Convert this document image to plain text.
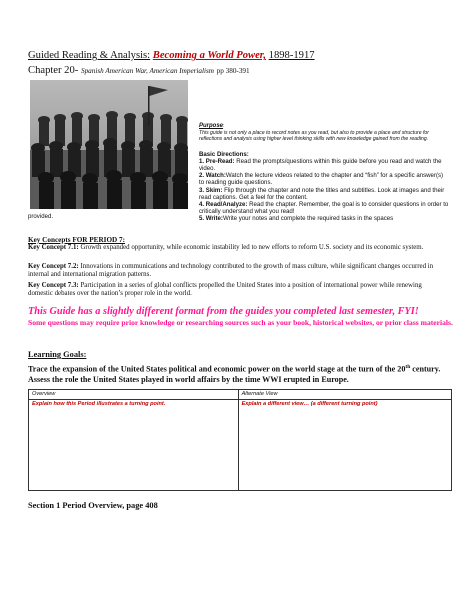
Guided Reading & Analysis: Becoming a World Power, 1898-1917
Chapter 20- Spanish American War, American Imperialism pp 380-391
Purpose:
This guide is not only a place to record notes as you read, but also to provide a place and structure for reflections and analysis using higher level thinking skills with new knowledge gained from the reading.
Basic Directions:
1. Pre-Read: Read the prompts/questions within this guide before you read and watch the video.
2. Watch:Watch the lecture videos related to the chapter and “fish” for a specific answer(s) to reading guide questions.
3. Skim: Flip through the chapter and note the titles and subtitles. Look at images and their read captions. Get a feel for the content.
4. Read/Analyze: Read the chapter. Remember, the goal is to consider questions in order to critically understand what you read!
5. Write:Write your notes and complete the required tasks in the spaces
provided.
Key Concepts FOR PERIOD 7:
Key Concept 7.1: Growth expanded opportunity, while economic instability led to new efforts to reform U.S. society and its economic system.
Key Concept 7.2: Innovations in communications and technology contributed to the growth of mass culture, while significant changes occurred in internal and international migration patterns.
Key Concept 7.3: Participation in a series of global conflicts propelled the United States into a position of international power while renewing domestic debates over the nation’s proper role in the world.
This Guide has a slightly different format from the guides you completed last semester, FYI!
Some questions may require prior knowledge or researching sources such as your book, historical websites, or prior class materials.
Learning Goals:
Trace the expansion of the United States political and economic power on the world stage at the turn of the 20th century. Assess the role the United States played in world affairs by the time WWI erupted in Europe.
Overview	Alternate View

Explain how this Period illustrates a turning point.	Explain a different view… (a different turning point)
Section 1 Period Overview, page 408
